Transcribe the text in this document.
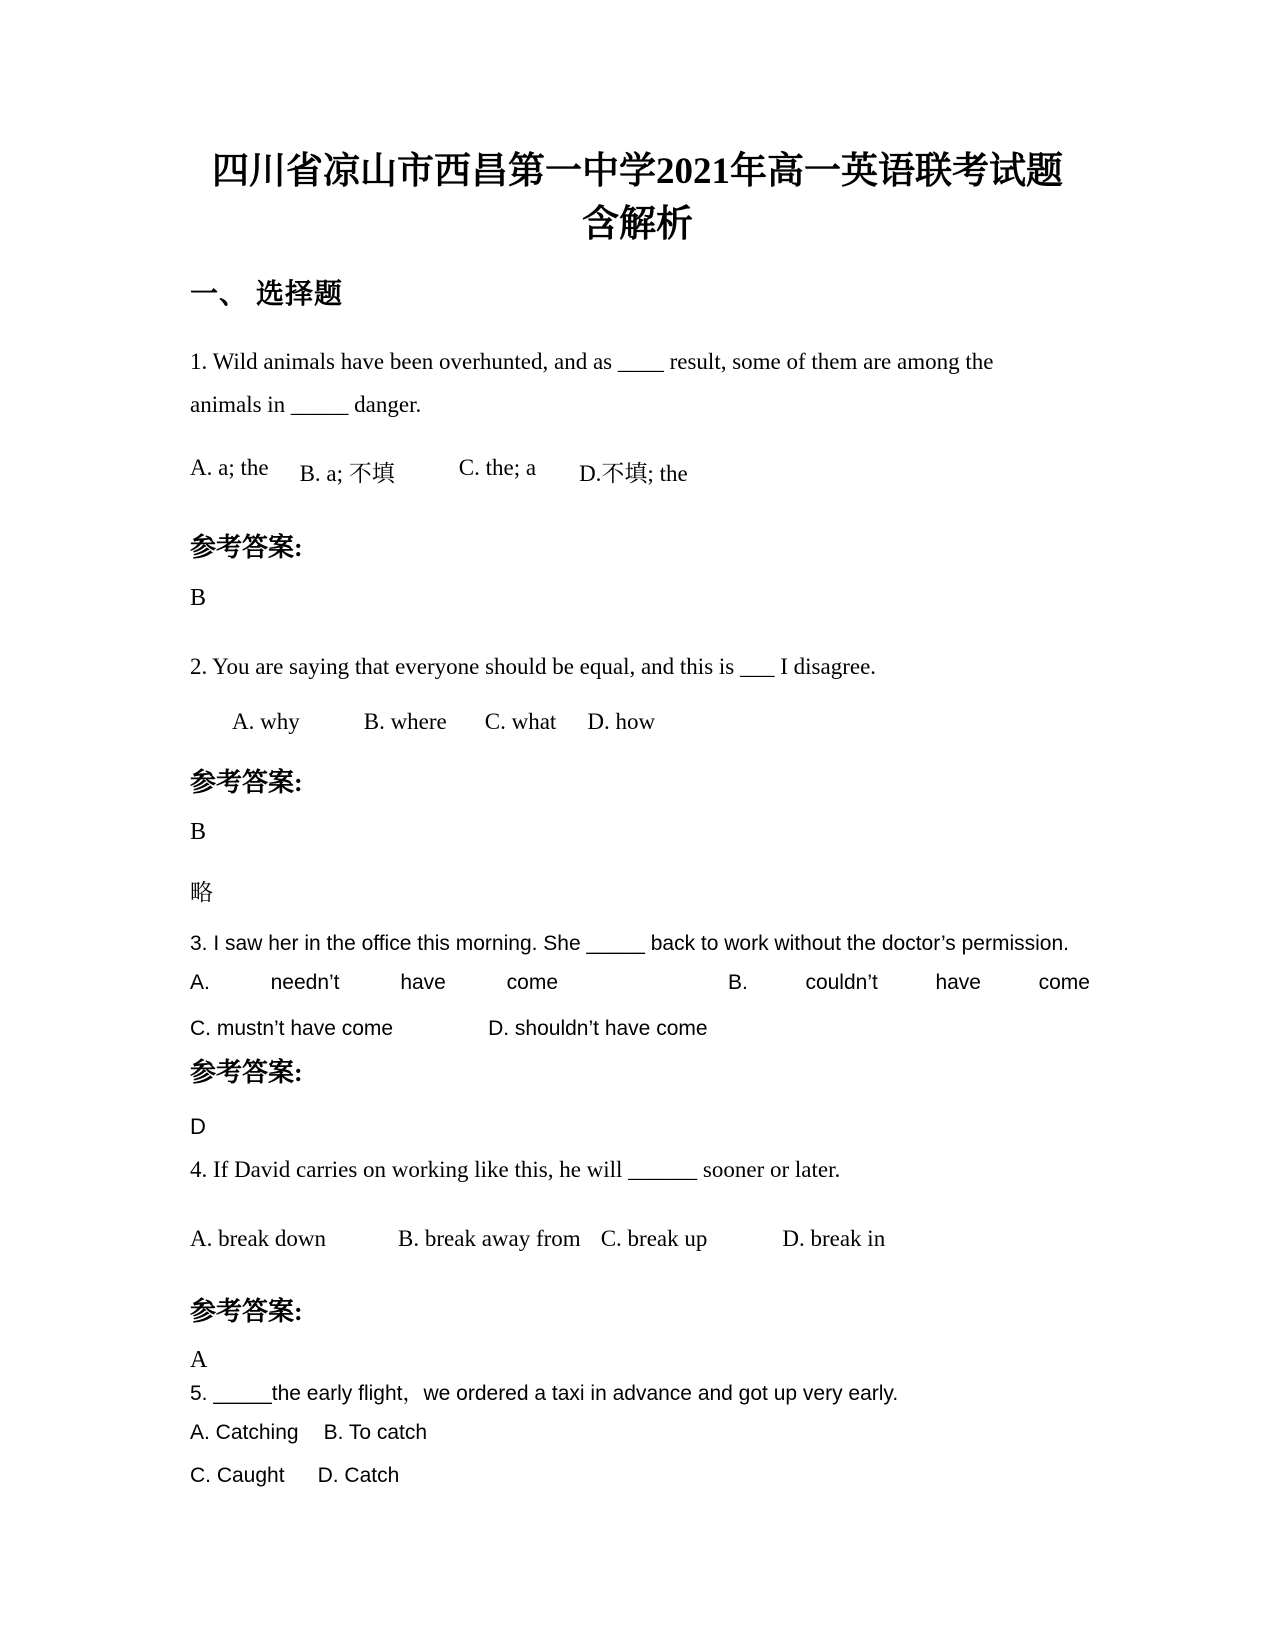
四川省凉山市西昌第一中学2021年高一英语联考试题
含解析
一、 选择题
1. Wild animals have been overhunted, and as ____ result, some of them are among the animals in _____ danger.
A. a; the B. a; 不填	C. the; a D.不填; the
参考答案:
B
2. You are saying that everyone should be equal, and this is ___ I disagree.
A. why	B. where C. what D. how
参考答案:
B
略
3. I saw her in the office this morning. She _____ back to work without the doctor’s permission.
A.	needn’t	have	come	B.	couldn’t	have	come
C. mustn’t have come	D. shouldn’t have come
参考答案:
D
4. If David carries on working like this, he will ______ sooner or later.
A. break down	B. break away from C. break up	D. break in
参考答案:
A
5. _____the early flight，we ordered a taxi in advance and got up very early.
A. Catching B. To catch
C. Caught D. Catch
